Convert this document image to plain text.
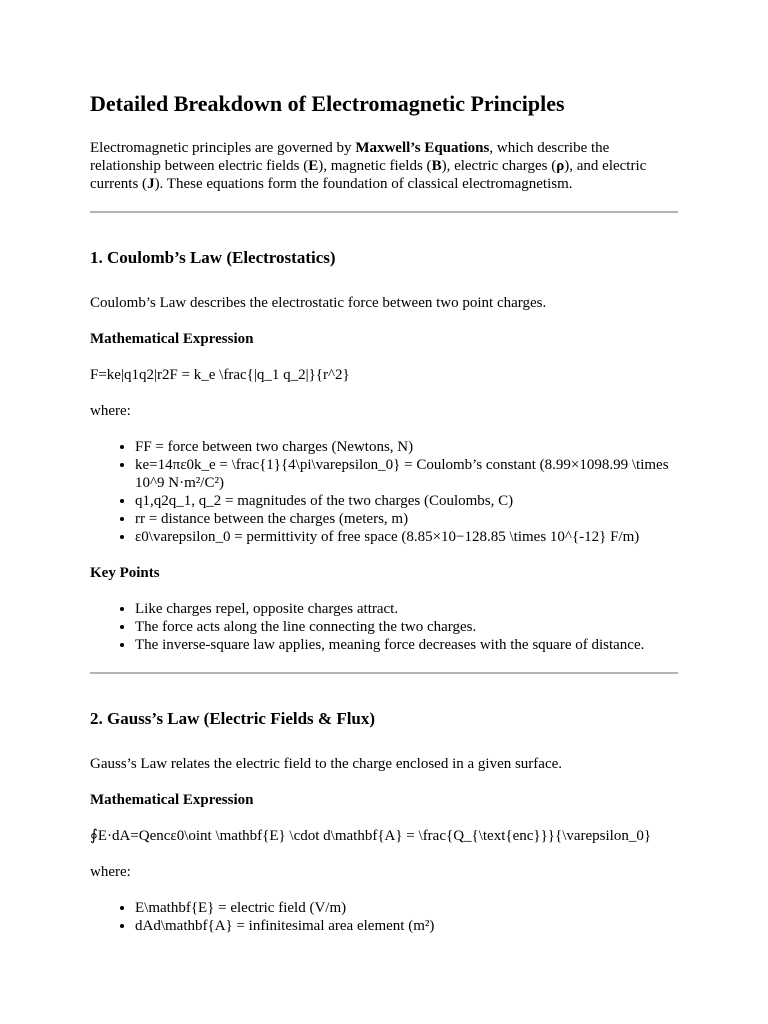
Detailed Breakdown of Electromagnetic Principles

Electromagnetic principles are governed by Maxwell’s Equations, which describe the relationship between electric fields (E), magnetic fields (B), electric charges (ρ), and electric currents (J). These equations form the foundation of classical electromagnetism.

1. Coulomb’s Law (Electrostatics)

Coulomb’s Law describes the electrostatic force between two point charges.

Mathematical Expression

F=ke|q1q2|r2F = k_e \frac{|q_1 q_2|}{r^2}

where:

• FF = force between two charges (Newtons, N)
• ke=14πε0k_e = \frac{1}{4\pi\varepsilon_0} = Coulomb’s constant (8.99×1098.99 \times 10^9 N·m²/C²)
• q1,q2q_1, q_2 = magnitudes of the two charges (Coulombs, C)
• rr = distance between the charges (meters, m)
• ε0\varepsilon_0 = permittivity of free space (8.85×10−128.85 \times 10^{-12} F/m)
Key Points
• Like charges repel, opposite charges attract.
• The force acts along the line connecting the two charges.
• The inverse-square law applies, meaning force decreases with the square of distance.
2. Gauss’s Law (Electric Fields & Flux)

Gauss’s Law relates the electric field to the charge enclosed in a given surface.

Mathematical Expression

∮E·dA=Qencε0\oint \mathbf{E} \cdot d\mathbf{A} = \frac{Q_{\text{enc}}}{\varepsilon_0}

where:

• E\mathbf{E} = electric field (V/m)
• dAd\mathbf{A} = infinitesimal area element (m²)
